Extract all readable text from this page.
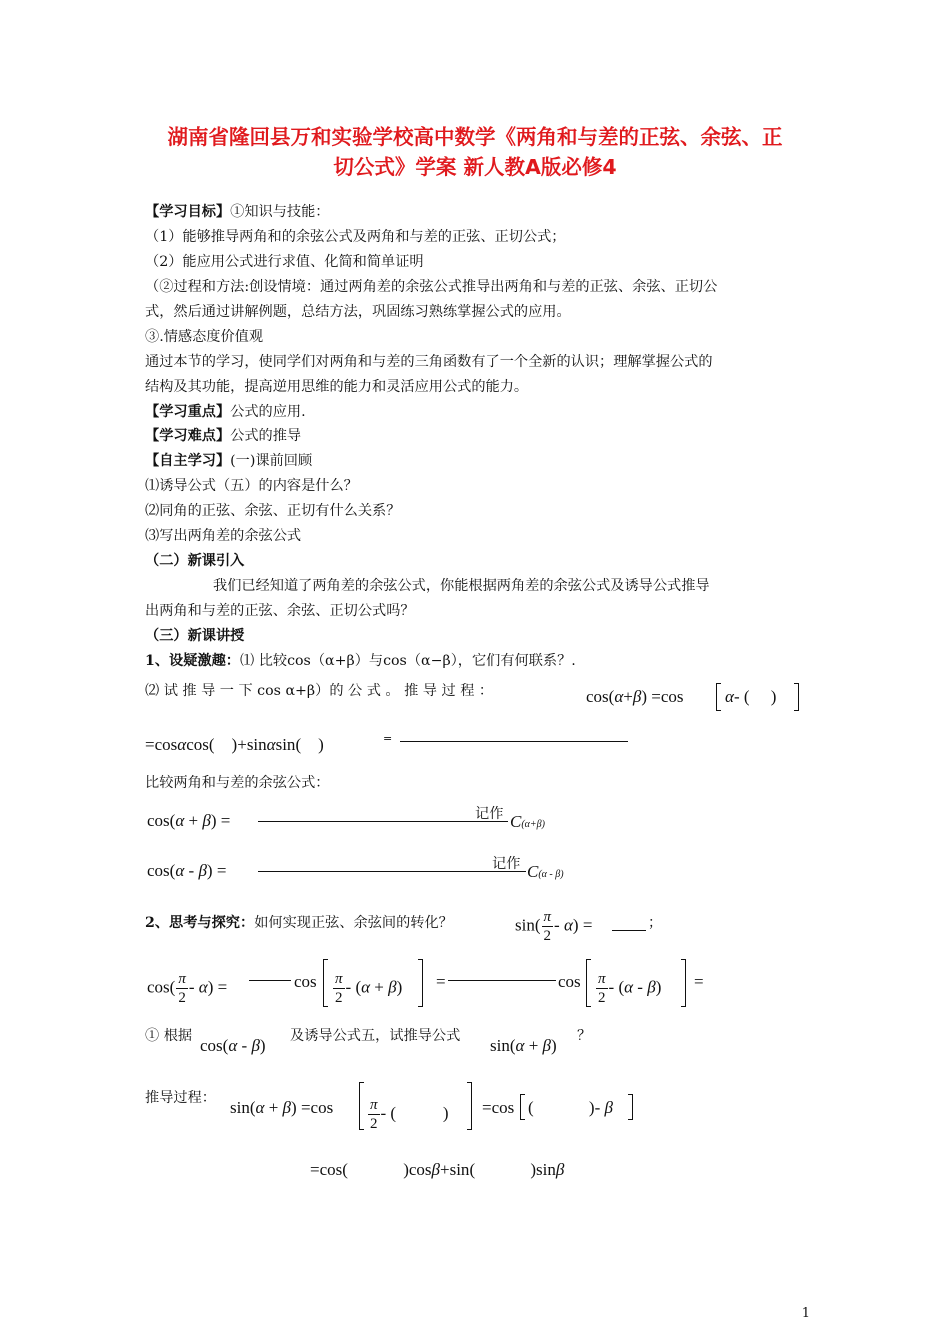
湖南省隆回县万和实验学校高中数学《两角和与差的正弦、余弦、正
切公式》学案 新人教A版必修4
【学习目标】①知识与技能：
（1）能够推导两角和的余弦公式及两角和与差的正弦、正切公式；
（2）能应用公式进行求值、化简和简单证明
（②过程和方法:创设情境：通过两角差的余弦公式推导出两角和与差的正弦、余弦、正切公
式，然后通过讲解例题，总结方法，巩固练习熟练掌握公式的应用。
③.情感态度价值观
通过本节的学习，使同学们对两角和与差的三角函数有了一个全新的认识；理解掌握公式的
结构及其功能，提高逆用思维的能力和灵活应用公式的能力。
【学习重点】公式的应用.
【学习难点】公式的推导
【自主学习】(一)课前回顾
⑴诱导公式（五）的内容是什么？
⑵同角的正弦、余弦、正切有什么关系？
⑶写出两角差的余弦公式
（二）新课引入
我们已经知道了两角差的余弦公式，你能根据两角差的余弦公式及诱导公式推导
出两角和与差的正弦、余弦、正切公式吗？
（三）新课讲授
1、设疑激趣：⑴ 比较cos（α+β）与cos（α−β），它们有何联系？.
⑵ 试 推 导 一 下 cos α+β）的 公 式 。 推 导 过 程 ：	cos(α+β) =cos α- ( )
=cosαcos( )+sinαsin( )	=
比较两角和与差的余弦公式：
cos(α + β) =	记作 C(α+β)
cos(α - β) =	记作 C(α - β)
2、思考与探究：如何实现正弦、余弦间的转化？	$\sin( \frac{\pi}{2} - \alpha)$ =	；
$\cos( \frac{\pi}{2} - \alpha)$ =	$\cos \frac{\pi}{2} - (\alpha + \beta)$ =	$\cos \frac{\pi}{2} - (\alpha - \beta)$ =
① 根据 cos(α - β) 及诱导公式五，试推导公式 sin(α + β) ？
推导过程： $\sin(\alpha + \beta) =\cos \frac{\pi}{2}$ - (	) =cos (	)- β
=cos(	)cosβ+sin(	)sinβ
1
